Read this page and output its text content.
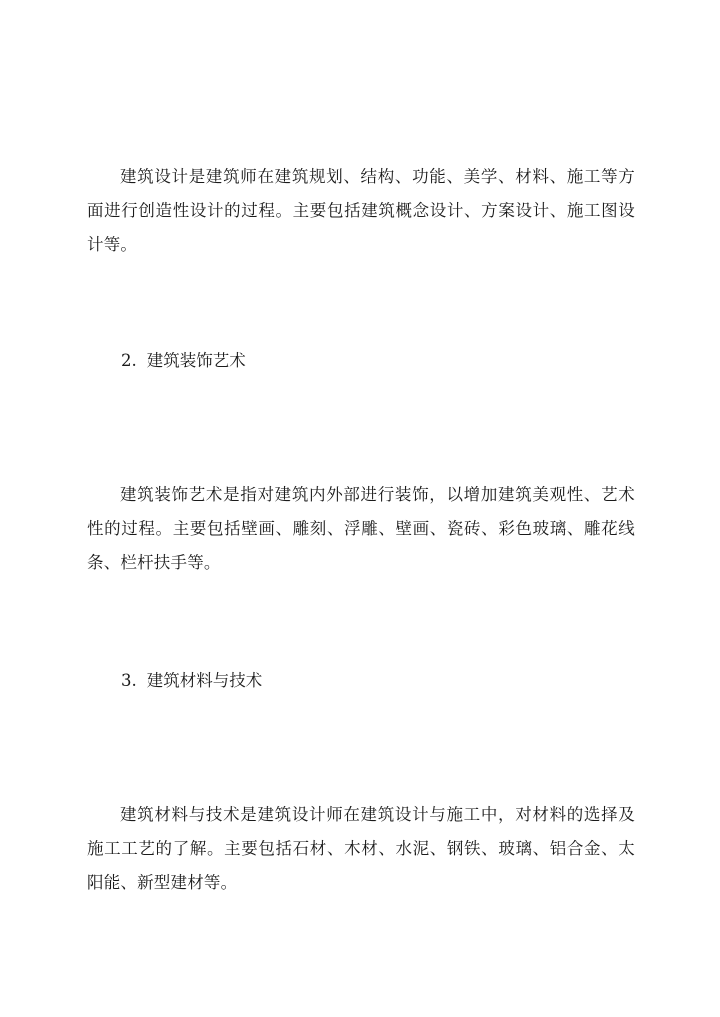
建筑设计是建筑师在建筑规划、结构、功能、美学、材料、施工等方面进行创造性设计的过程。主要包括建筑概念设计、方案设计、施工图设计等。

2. 建筑装饰艺术

建筑装饰艺术是指对建筑内外部进行装饰，以增加建筑美观性、艺术性的过程。主要包括壁画、雕刻、浮雕、壁画、瓷砖、彩色玻璃、雕花线条、栏杆扶手等。

3. 建筑材料与技术

建筑材料与技术是建筑设计师在建筑设计与施工中，对材料的选择及施工工艺的了解。主要包括石材、木材、水泥、钢铁、玻璃、铝合金、太阳能、新型建材等。
